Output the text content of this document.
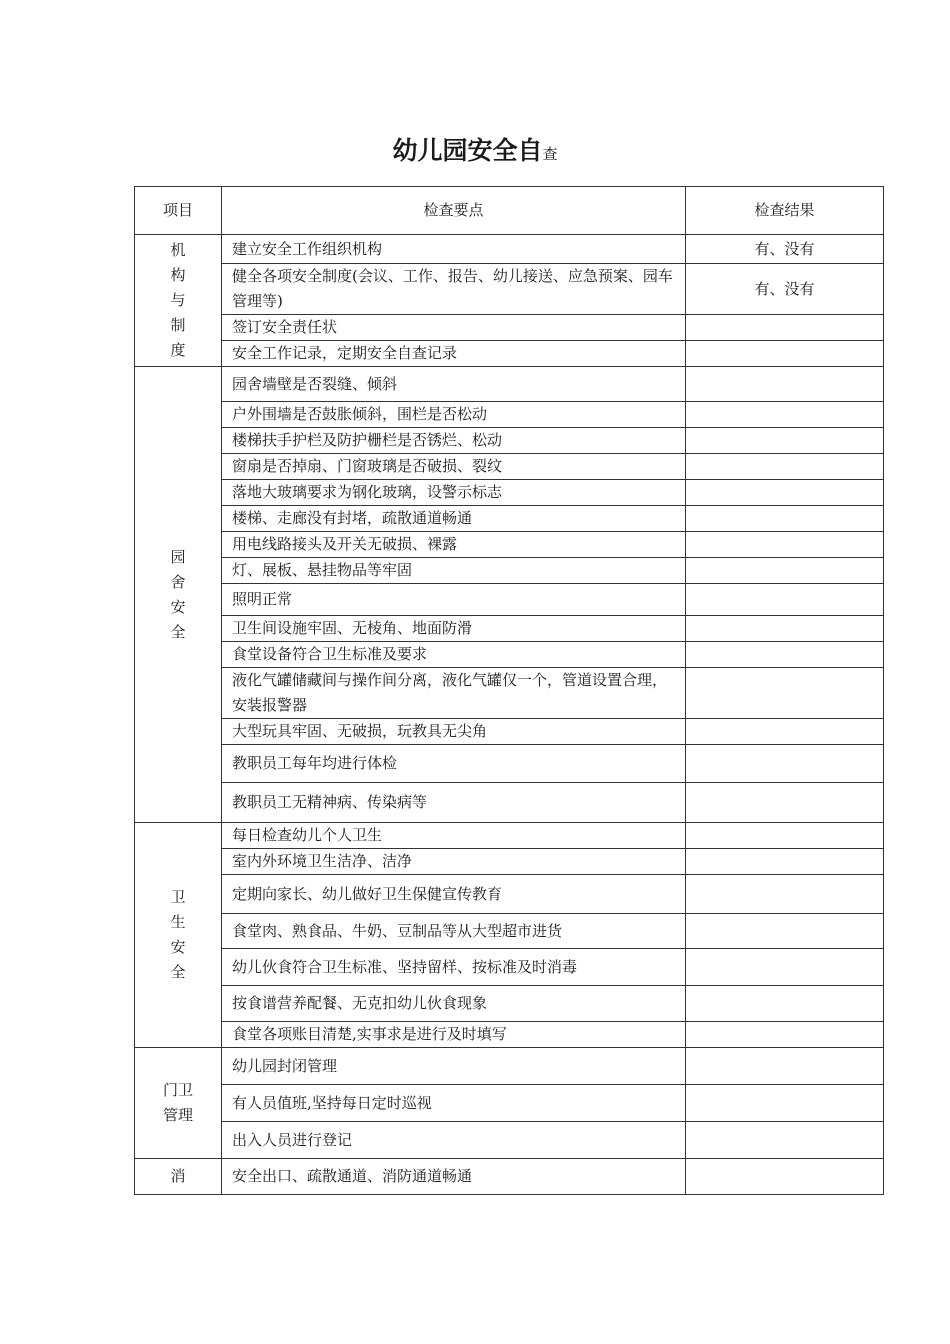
幼儿园安全自查
项目	检查要点	检查结果
机构与制度	建立安全工作组织机构	有、没有
	健全各项安全制度(会议、工作、报告、幼儿接送、应急预案、园车管理等)	有、没有
	签订安全责任状	
	安全工作记录，定期安全自查记录	
园舍安全	园舍墙壁是否裂缝、倾斜	
	户外围墙是否鼓胀倾斜，围栏是否松动	
	楼梯扶手护栏及防护栅栏是否锈烂、松动	
	窗扇是否掉扇、门窗玻璃是否破损、裂纹	
	落地大玻璃要求为钢化玻璃，设警示标志	
	楼梯、走廊没有封堵，疏散通道畅通	
	用电线路接头及开关无破损、裸露	
	灯、展板、悬挂物品等牢固	
	照明正常	
	卫生间设施牢固、无棱角、地面防滑	
	食堂设备符合卫生标准及要求	
	液化气罐储藏间与操作间分离，液化气罐仅一个，管道设置合理，安装报警器	
	大型玩具牢固、无破损，玩教具无尖角	
	教职员工每年均进行体检	
	教职员工无精神病、传染病等	
卫生安全	每日检查幼儿个人卫生	
	室内外环境卫生洁净、洁净	
	定期向家长、幼儿做好卫生保健宣传教育	
	食堂肉、熟食品、牛奶、豆制品等从大型超市进货	
	幼儿伙食符合卫生标准、坚持留样、按标准及时消毒	
	按食谱营养配餐、无克扣幼儿伙食现象	
	食堂各项账目清楚,实事求是进行及时填写	
门卫管理	幼儿园封闭管理	
	有人员值班,坚持每日定时巡视	
	出入人员进行登记	
消	安全出口、疏散通道、消防通道畅通	
